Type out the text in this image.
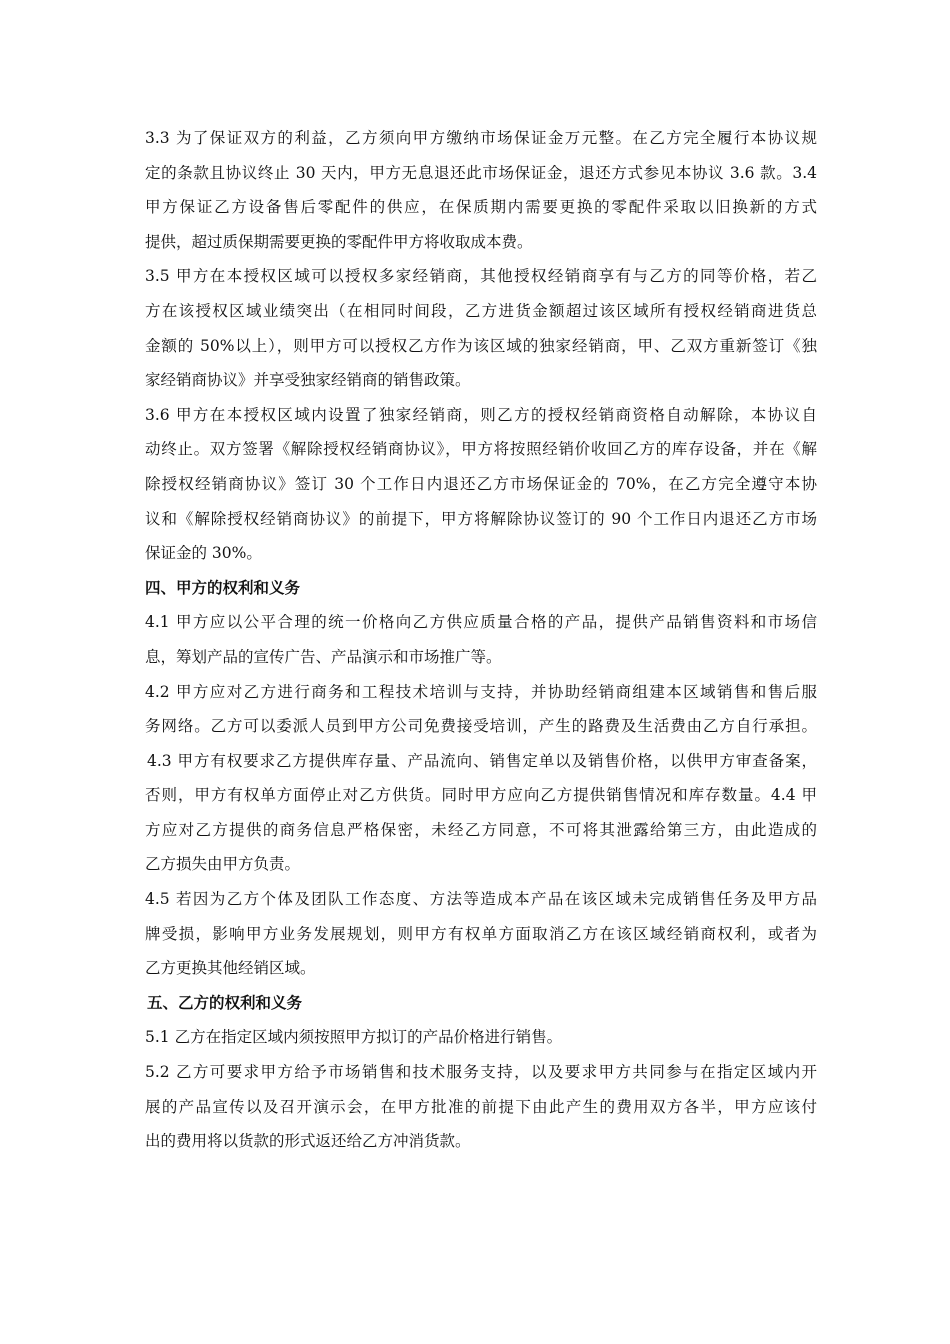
3.3 为了保证双方的利益，乙方须向甲方缴纳市场保证金万元整。在乙方完全履行本协议规
定的条款且协议终止 30 天内，甲方无息退还此市场保证金，退还方式参见本协议 3.6 款。3.4
甲方保证乙方设备售后零配件的供应，在保质期内需要更换的零配件采取以旧换新的方式
提供，超过质保期需要更换的零配件甲方将收取成本费。
3.5 甲方在本授权区域可以授权多家经销商，其他授权经销商享有与乙方的同等价格，若乙
方在该授权区域业绩突出（在相同时间段，乙方进货金额超过该区域所有授权经销商进货总
金额的 50%以上），则甲方可以授权乙方作为该区域的独家经销商，甲、乙双方重新签订《独
家经销商协议》并享受独家经销商的销售政策。
3.6 甲方在本授权区域内设置了独家经销商，则乙方的授权经销商资格自动解除，本协议自
动终止。双方签署《解除授权经销商协议》，甲方将按照经销价收回乙方的库存设备，并在《解
除授权经销商协议》签订 30 个工作日内退还乙方市场保证金的 70%，在乙方完全遵守本协
议和《解除授权经销商协议》的前提下，甲方将解除协议签订的 90 个工作日内退还乙方市场
保证金的 30%。
四、甲方的权利和义务
4.1 甲方应以公平合理的统一价格向乙方供应质量合格的产品，提供产品销售资料和市场信
息，筹划产品的宣传广告、产品演示和市场推广等。
4.2 甲方应对乙方进行商务和工程技术培训与支持，并协助经销商组建本区域销售和售后服
务网络。乙方可以委派人员到甲方公司免费接受培训，产生的路费及生活费由乙方自行承担。
4.3 甲方有权要求乙方提供库存量、产品流向、销售定单以及销售价格，以供甲方审查备案，
否则，甲方有权单方面停止对乙方供货。同时甲方应向乙方提供销售情况和库存数量。4.4 甲
方应对乙方提供的商务信息严格保密，未经乙方同意，不可将其泄露给第三方，由此造成的
乙方损失由甲方负责。
4.5 若因为乙方个体及团队工作态度、方法等造成本产品在该区域未完成销售任务及甲方品
牌受损，影响甲方业务发展规划，则甲方有权单方面取消乙方在该区域经销商权利，或者为
乙方更换其他经销区域。
五、乙方的权利和义务
5.1 乙方在指定区域内须按照甲方拟订的产品价格进行销售。
5.2 乙方可要求甲方给予市场销售和技术服务支持，以及要求甲方共同参与在指定区域内开
展的产品宣传以及召开演示会，在甲方批准的前提下由此产生的费用双方各半，甲方应该付
出的费用将以货款的形式返还给乙方冲消货款。
